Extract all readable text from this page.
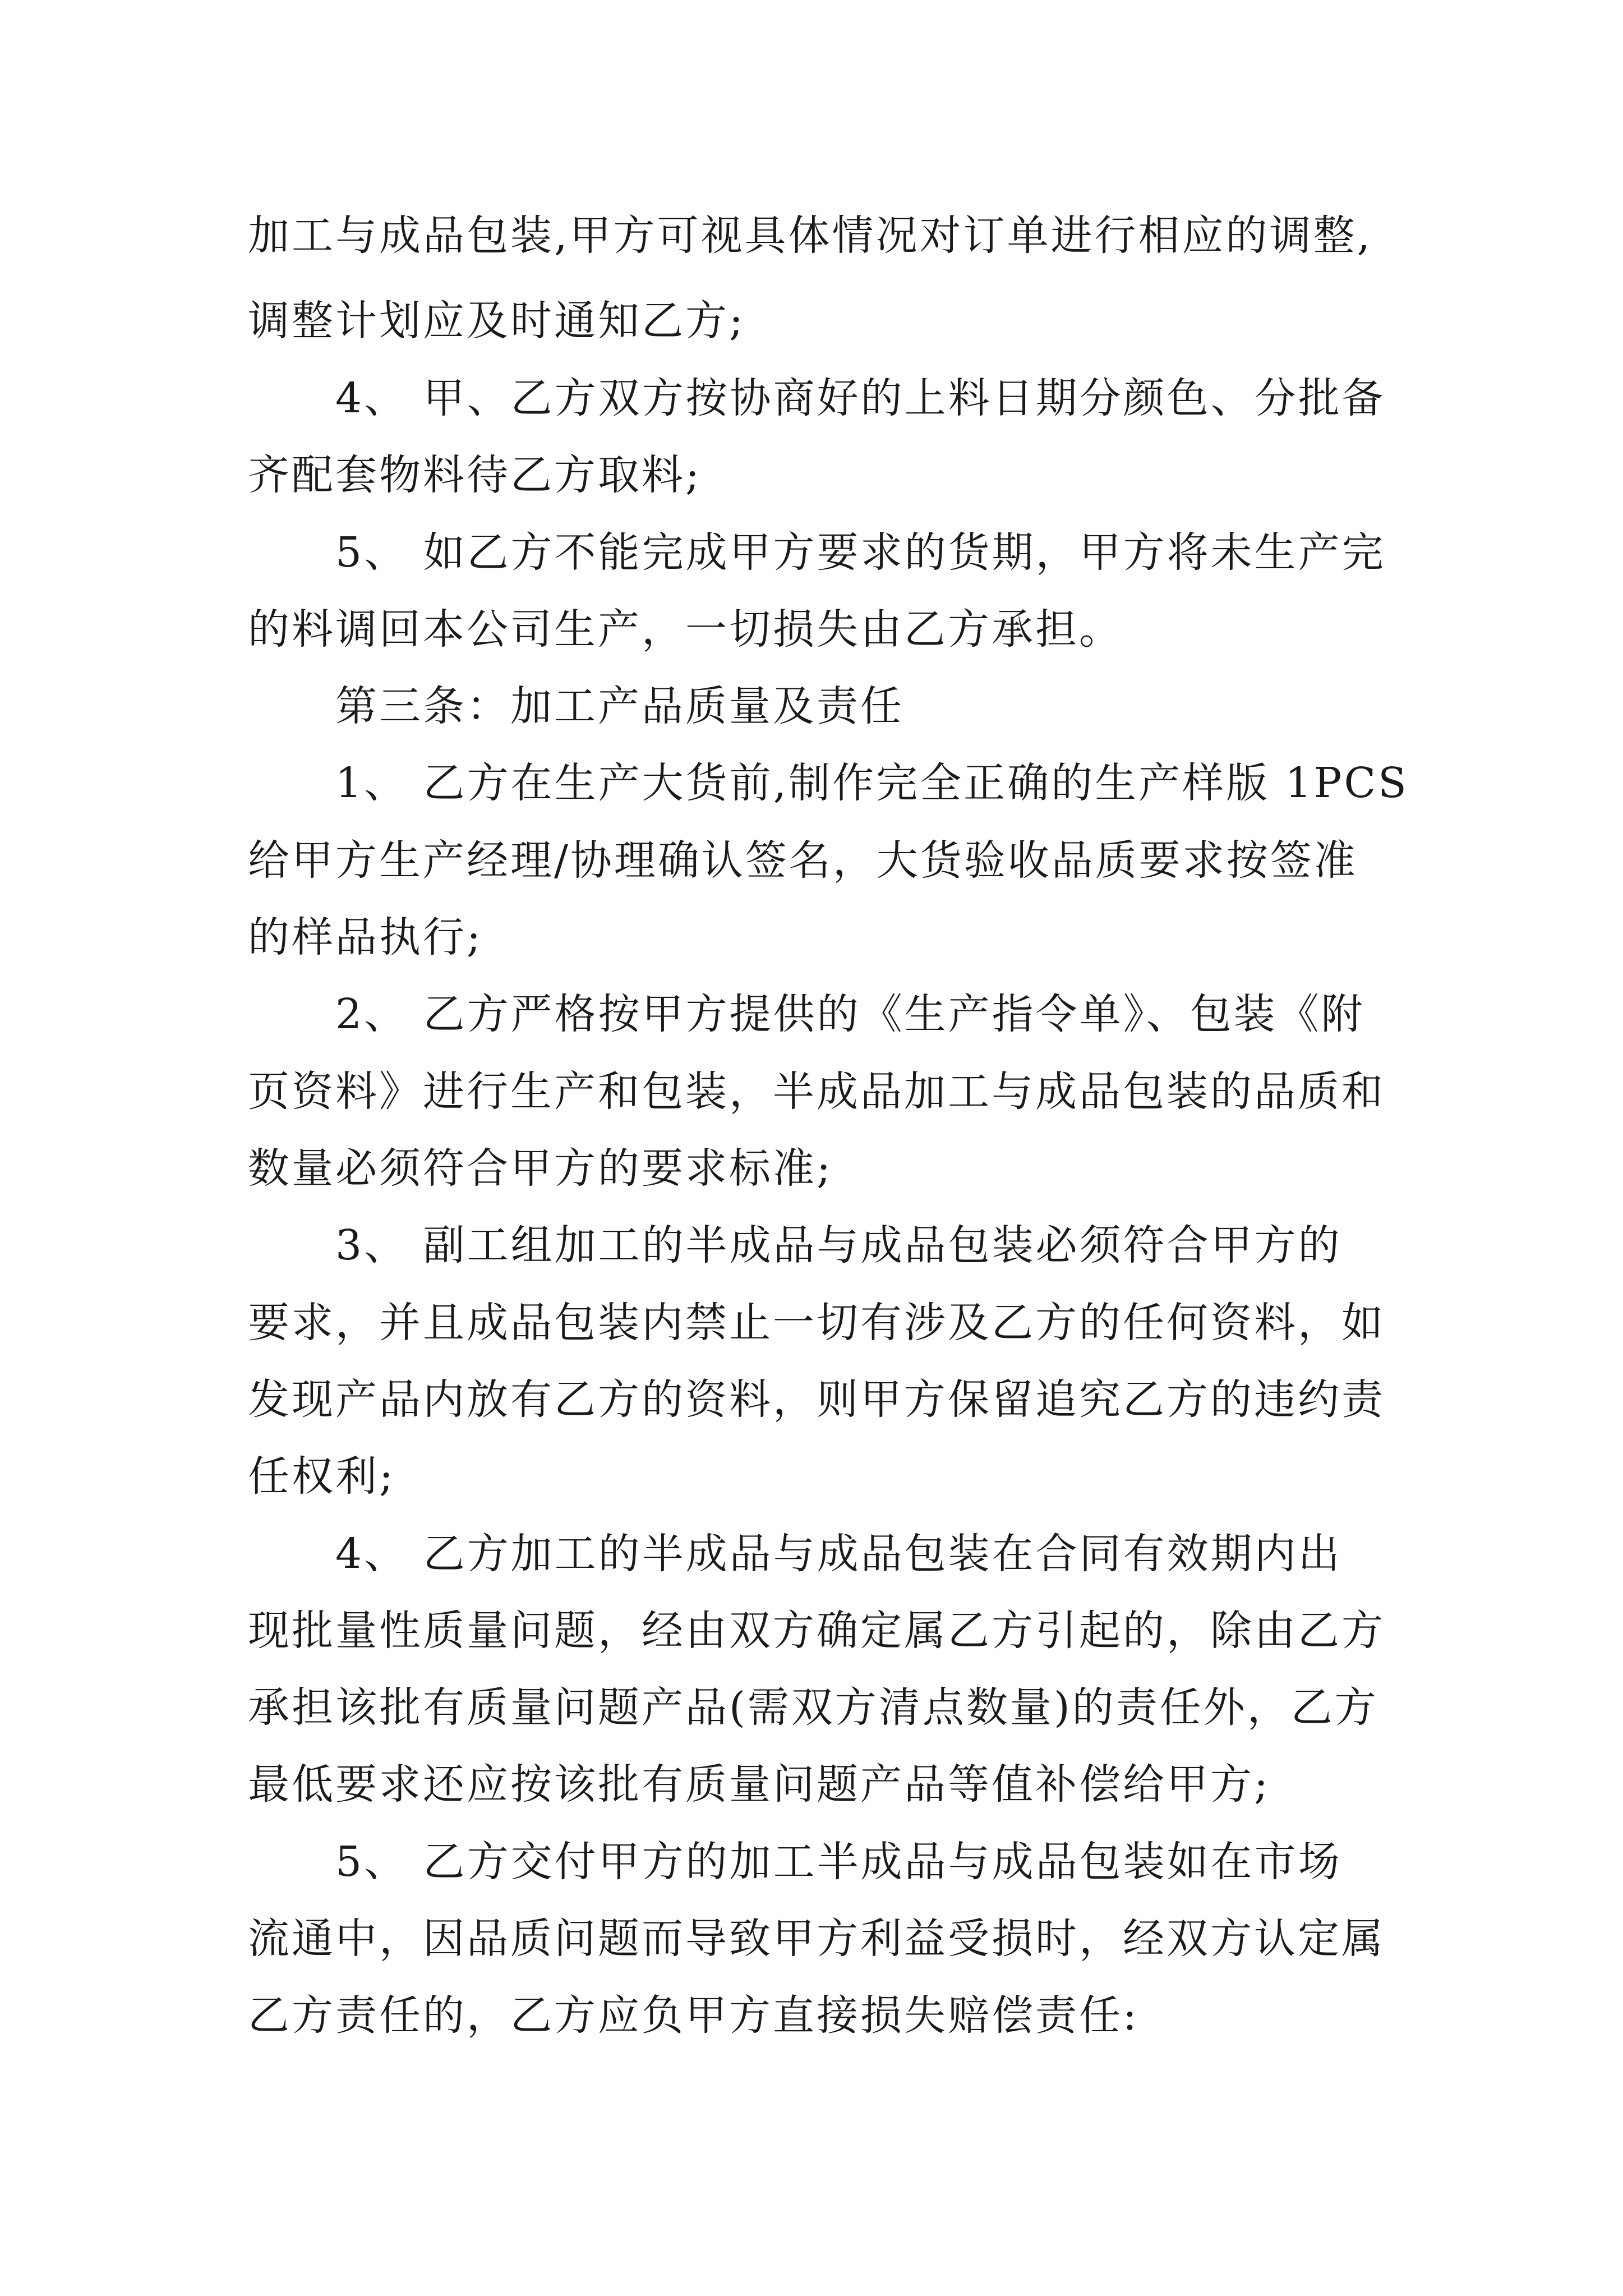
加工与成品包装,甲方可视具体情况对订单进行相应的调整,

调整计划应及时通知乙方;

4、 甲、乙方双方按协商好的上料日期分颜色、分批备

齐配套物料待乙方取料;

5、 如乙方不能完成甲方要求的货期，甲方将未生产完

的料调回本公司生产，一切损失由乙方承担。

第三条：加工产品质量及责任

1、 乙方在生产大货前,制作完全正确的生产样版 1PCS

给甲方生产经理/协理确认签名，大货验收品质要求按签准

的样品执行;

2、 乙方严格按甲方提供的《生产指令单》、包装《附

页资料》进行生产和包装，半成品加工与成品包装的品质和

数量必须符合甲方的要求标准;

3、 副工组加工的半成品与成品包装必须符合甲方的

要求，并且成品包装内禁止一切有涉及乙方的任何资料，如

发现产品内放有乙方的资料，则甲方保留追究乙方的违约责

任权利;

4、 乙方加工的半成品与成品包装在合同有效期内出

现批量性质量问题，经由双方确定属乙方引起的，除由乙方

承担该批有质量问题产品(需双方清点数量)的责任外，乙方

最低要求还应按该批有质量问题产品等值补偿给甲方;

5、 乙方交付甲方的加工半成品与成品包装如在市场

流通中，因品质问题而导致甲方利益受损时，经双方认定属

乙方责任的，乙方应负甲方直接损失赔偿责任:
